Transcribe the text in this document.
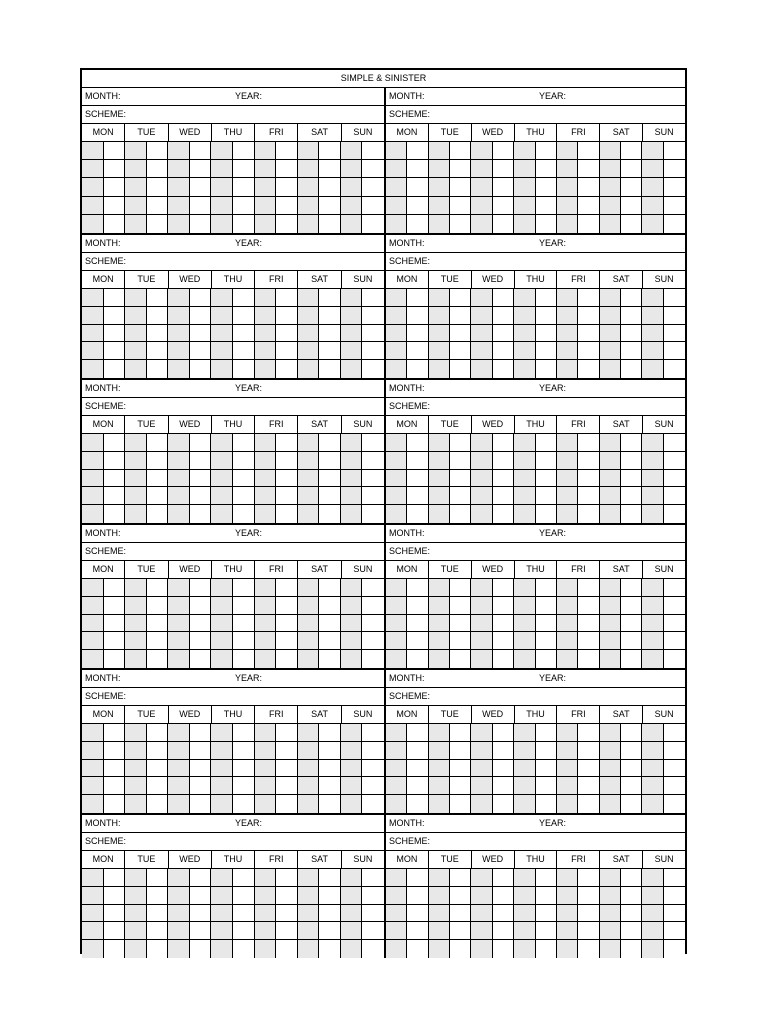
SIMPLE & SINISTER
MONTH:	YEAR:
SCHEME:
MON	TUE	WED	THU	FRI	SAT	SUN
MONTH:	YEAR:
SCHEME:
MON	TUE	WED	THU	FRI	SAT	SUN
MONTH:	YEAR:
SCHEME:
MON	TUE	WED	THU	FRI	SAT	SUN
MONTH:	YEAR:
SCHEME:
MON	TUE	WED	THU	FRI	SAT	SUN
MONTH:	YEAR:
SCHEME:
MON	TUE	WED	THU	FRI	SAT	SUN
MONTH:	YEAR:
SCHEME:
MON	TUE	WED	THU	FRI	SAT	SUN
MONTH:	YEAR:
SCHEME:
MON	TUE	WED	THU	FRI	SAT	SUN
MONTH:	YEAR:
SCHEME:
MON	TUE	WED	THU	FRI	SAT	SUN
MONTH:	YEAR:
SCHEME:
MON	TUE	WED	THU	FRI	SAT	SUN
MONTH:	YEAR:
SCHEME:
MON	TUE	WED	THU	FRI	SAT	SUN
MONTH:	YEAR:
SCHEME:
MON	TUE	WED	THU	FRI	SAT	SUN
MONTH:	YEAR:
SCHEME:
MON	TUE	WED	THU	FRI	SAT	SUN
